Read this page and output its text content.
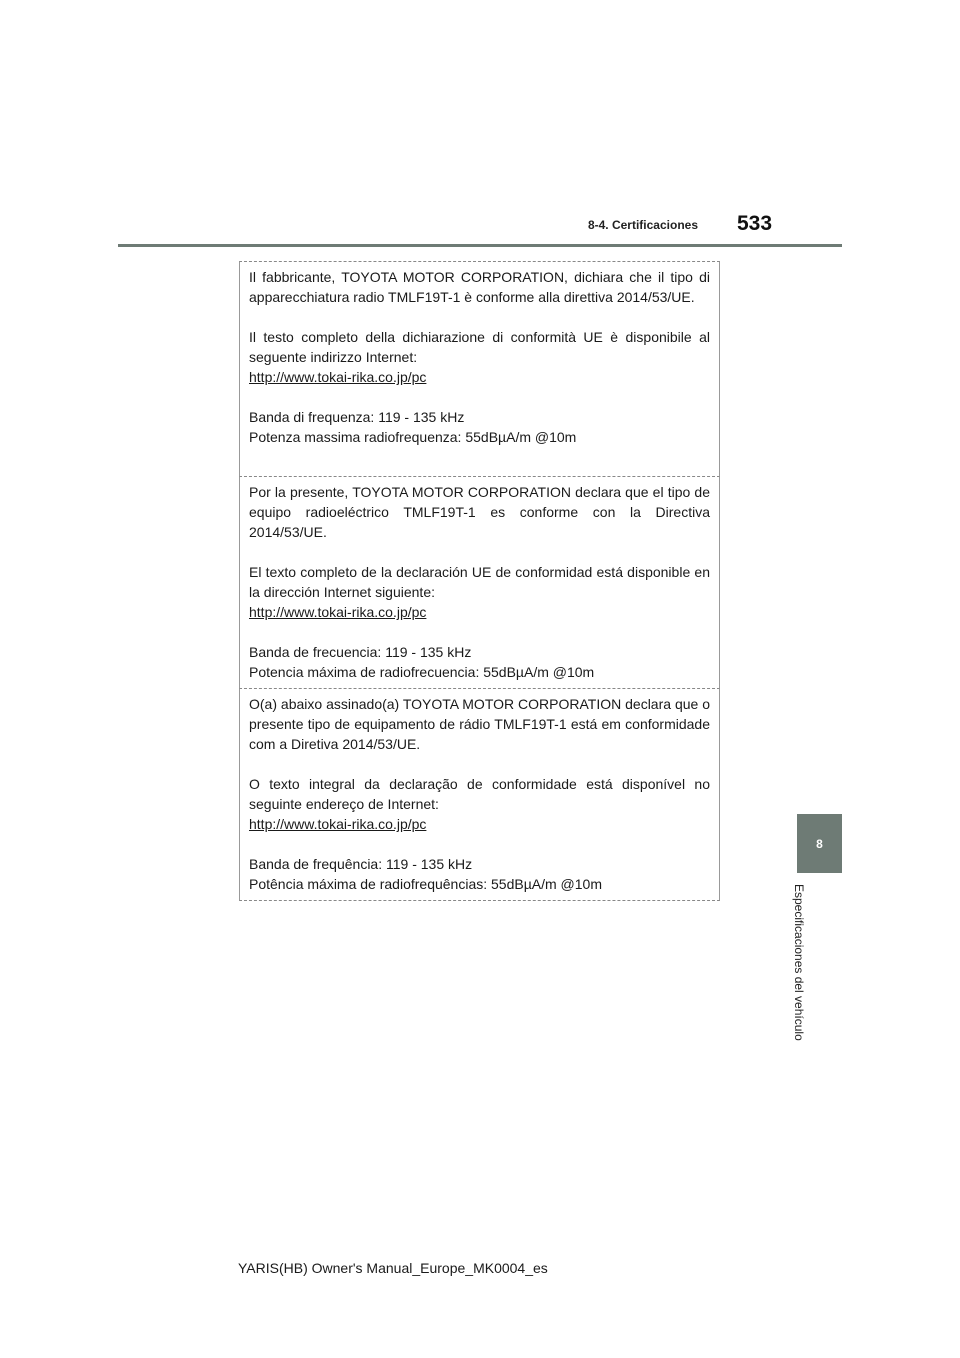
8-4. Certificaciones 533
8
Especificaciones del vehículo

Il fabbricante, TOYOTA MOTOR CORPORATION, dichiara che il tipo di apparecchiatura radio TMLF19T-1 è conforme alla direttiva 2014/53/UE.

Il testo completo della dichiarazione di conformità UE è disponibile al seguente indirizzo Internet:

http://www.tokai-rika.co.jp/pc

Banda di frequenza: 119 - 135 kHz
Potenza massima radiofrequenza: 55dBµA/m @10m

Por la presente, TOYOTA MOTOR CORPORATION declara que el tipo de equipo radioeléctrico TMLF19T-1 es conforme con la Directiva 2014/53/UE.

El texto completo de la declaración UE de conformidad está disponible en la dirección Internet siguiente:

http://www.tokai-rika.co.jp/pc

Banda de frecuencia: 119 - 135 kHz
Potencia máxima de radiofrecuencia: 55dBµA/m @10m

O(a) abaixo assinado(a) TOYOTA MOTOR CORPORATION declara que o presente tipo de equipamento de rádio TMLF19T-1 está em conformidade com a Diretiva 2014/53/UE.

O texto integral da declaração de conformidade está disponível no seguinte endereço de Internet:

http://www.tokai-rika.co.jp/pc

Banda de frequência: 119 - 135 kHz
Potência máxima de radiofrequências: 55dBµA/m @10m

YARIS(HB) Owner's Manual_Europe_MK0004_es
